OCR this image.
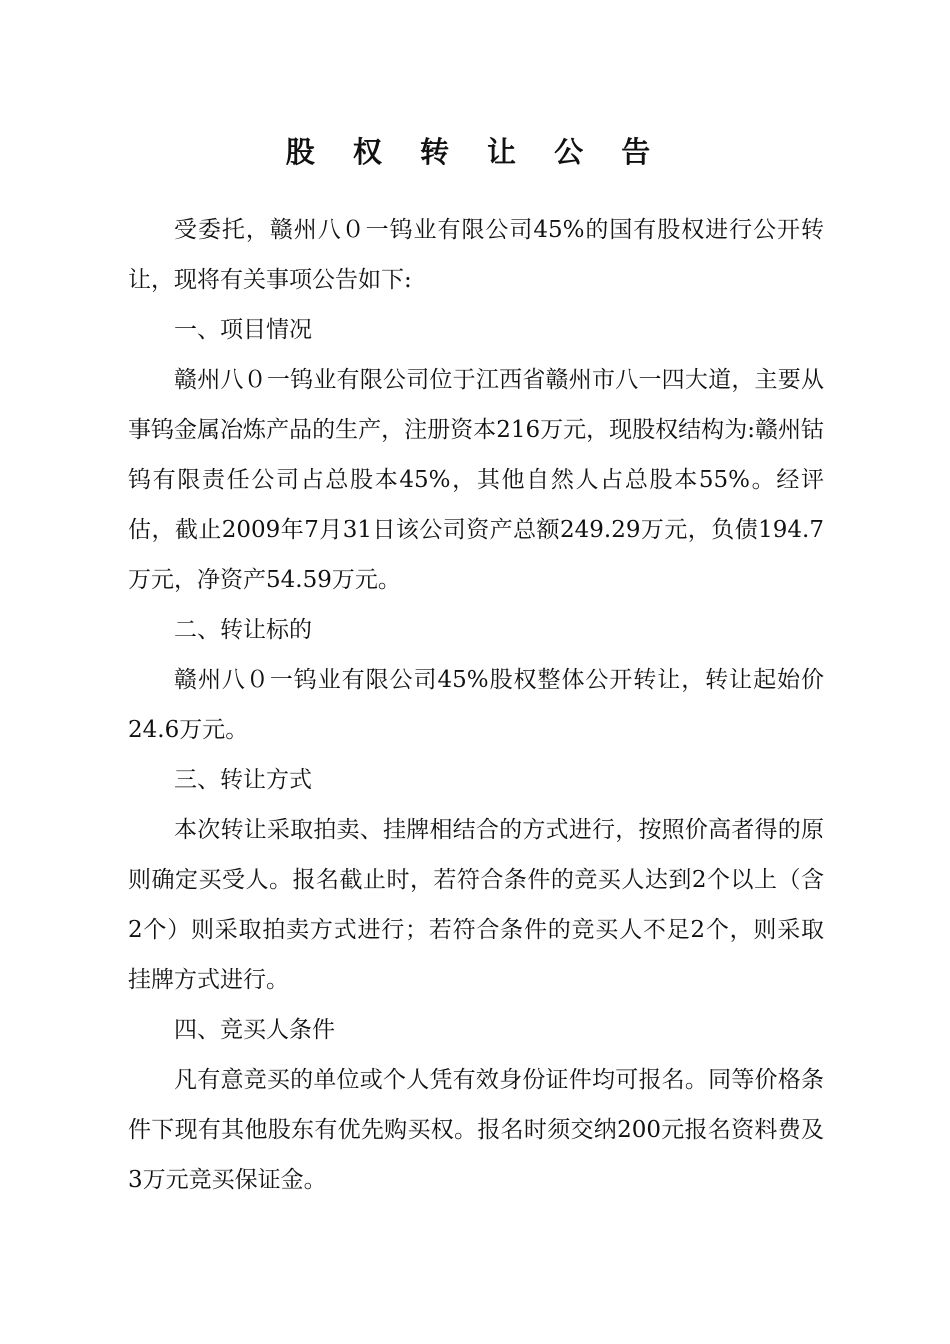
股 权 转 让 公 告

受委托，赣州八０一钨业有限公司45%的国有股权进行公开转让，现将有关事项公告如下:

一、项目情况

赣州八０一钨业有限公司位于江西省赣州市八一四大道，主要从事钨金属冶炼产品的生产，注册资本216万元，现股权结构为:赣州钴钨有限责任公司占总股本45%，其他自然人占总股本55%。经评估，截止2009年7月31日该公司资产总额249.29万元，负债194.7万元，净资产54.59万元。

二、转让标的

赣州八０一钨业有限公司45%股权整体公开转让，转让起始价24.6万元。

三、转让方式

本次转让采取拍卖、挂牌相结合的方式进行，按照价高者得的原则确定买受人。报名截止时，若符合条件的竞买人达到2个以上（含2个）则采取拍卖方式进行；若符合条件的竞买人不足2个，则采取挂牌方式进行。

四、竞买人条件

凡有意竞买的单位或个人凭有效身份证件均可报名。同等价格条件下现有其他股东有优先购买权。报名时须交纳200元报名资料费及3万元竞买保证金。
